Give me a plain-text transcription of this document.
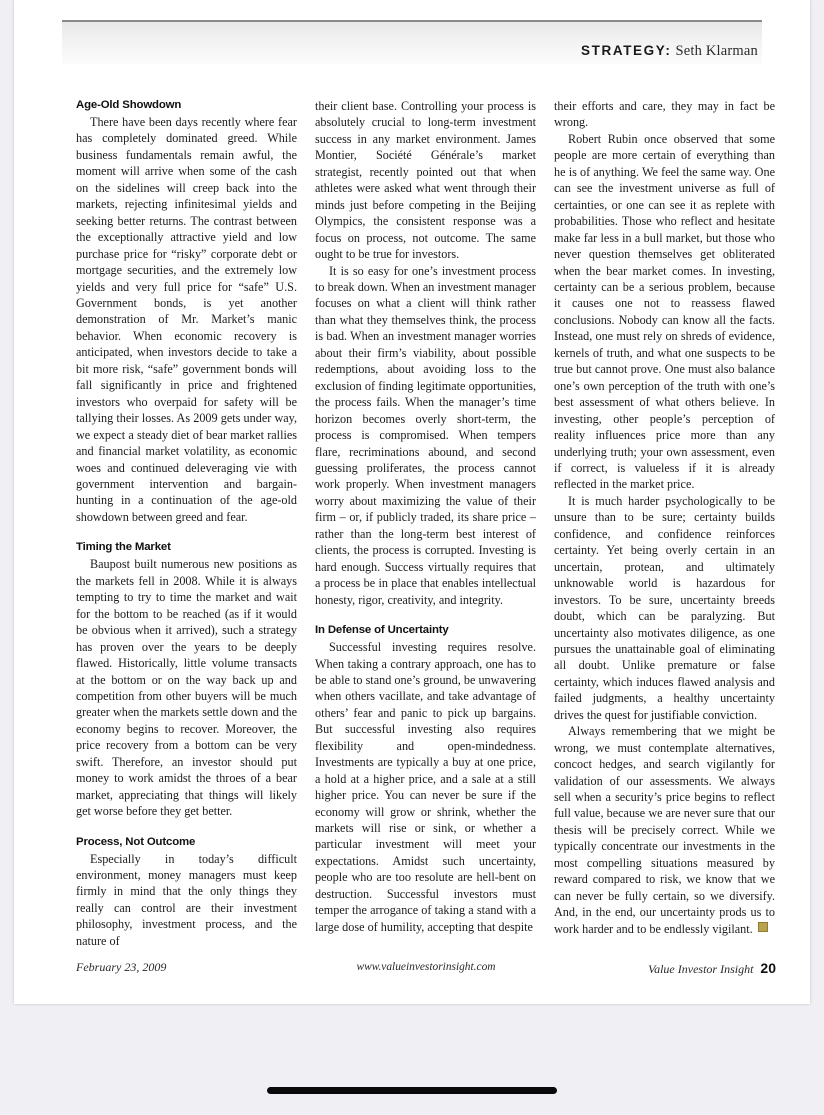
STRATEGY: Seth Klarman
Age-Old Showdown

There have been days recently where fear has completely dominated greed. While business fundamentals remain awful, the moment will arrive when some of the cash on the sidelines will creep back into the markets, rejecting infinitesimal yields and seeking better returns. The contrast between the exceptionally attractive yield and low purchase price for “risky” corporate debt or mortgage securities, and the extremely low yields and very full price for “safe” U.S. Government bonds, is yet another demonstration of Mr. Market’s manic behavior. When economic recovery is anticipated, when investors decide to take a bit more risk, “safe” government bonds will fall significantly in price and frightened investors who overpaid for safety will be tallying their losses. As 2009 gets under way, we expect a steady diet of bear market rallies and financial market volatility, as economic woes and continued deleveraging vie with government intervention and bargain-hunting in a continuation of the age-old showdown between greed and fear.

Timing the Market

Baupost built numerous new positions as the markets fell in 2008. While it is always tempting to try to time the market and wait for the bottom to be reached (as if it would be obvious when it arrived), such a strategy has proven over the years to be deeply flawed. Historically, little volume transacts at the bottom or on the way back up and competition from other buyers will be much greater when the markets settle down and the economy begins to recover. Moreover, the price recovery from a bottom can be very swift. Therefore, an investor should put money to work amidst the throes of a bear market, appreciating that things will likely get worse before they get better.

Process, Not Outcome

Especially in today’s difficult environment, money managers must keep firmly in mind that the only things they really can control are their investment philosophy, investment process, and the nature of

their client base. Controlling your process is absolutely crucial to long-term investment success in any market environment. James Montier, Société Générale’s market strategist, recently pointed out that when athletes were asked what went through their minds just before competing in the Beijing Olympics, the consistent response was a focus on process, not outcome. The same ought to be true for investors.

It is so easy for one’s investment process to break down. When an investment manager focuses on what a client will think rather than what they themselves think, the process is bad. When an investment manager worries about their firm’s viability, about possible redemptions, about avoiding loss to the exclusion of finding legitimate opportunities, the process fails. When the manager’s time horizon becomes overly short-term, the process is compromised. When tempers flare, recriminations abound, and second guessing proliferates, the process cannot work properly. When investment managers worry about maximizing the value of their firm – or, if publicly traded, its share price – rather than the long-term best interest of clients, the process is corrupted. Investing is hard enough. Success virtually requires that a process be in place that enables intellectual honesty, rigor, creativity, and integrity.

In Defense of Uncertainty

Successful investing requires resolve. When taking a contrary approach, one has to be able to stand one’s ground, be unwavering when others vacillate, and take advantage of others’ fear and panic to pick up bargains. But successful investing also requires flexibility and open-mindedness. Investments are typically a buy at one price, a hold at a higher price, and a sale at a still higher price. You can never be sure if the economy will grow or shrink, whether the markets will rise or sink, or whether a particular investment will meet your expectations. Amidst such uncertainty, people who are too resolute are hell-bent on destruction. Successful investors must temper the arrogance of taking a stand with a large dose of humility, accepting that despite

their efforts and care, they may in fact be wrong.

Robert Rubin once observed that some people are more certain of everything than he is of anything. We feel the same way. One can see the investment universe as full of certainties, or one can see it as replete with probabilities. Those who reflect and hesitate make far less in a bull market, but those who never question themselves get obliterated when the bear market comes. In investing, certainty can be a serious problem, because it causes one not to reassess flawed conclusions. Nobody can know all the facts. Instead, one must rely on shreds of evidence, kernels of truth, and what one suspects to be true but cannot prove. One must also balance one’s own perception of the truth with one’s best assessment of what others believe. In investing, other people’s perception of reality influences price more than any underlying truth; your own assessment, even if correct, is valueless if it is already reflected in the market price.

It is much harder psychologically to be unsure than to be sure; certainty builds confidence, and confidence reinforces certainty. Yet being overly certain in an uncertain, protean, and ultimately unknowable world is hazardous for investors. To be sure, uncertainty breeds doubt, which can be paralyzing. But uncertainty also motivates diligence, as one pursues the unattainable goal of eliminating all doubt. Unlike premature or false certainty, which induces flawed analysis and failed judgments, a healthy uncertainty drives the quest for justifiable conviction.

Always remembering that we might be wrong, we must contemplate alternatives, concoct hedges, and search vigilantly for validation of our assessments. We always sell when a security’s price begins to reflect full value, because we are never sure that our thesis will be precisely correct. While we typically concentrate our investments in the most compelling situations measured by reward compared to risk, we know that we can never be fully certain, so we diversify. And, in the end, our uncertainty prods us to work harder and to be endlessly vigilant.

February 23, 2009	www.valueinvestorinsight.com	Value Investor Insight 20
